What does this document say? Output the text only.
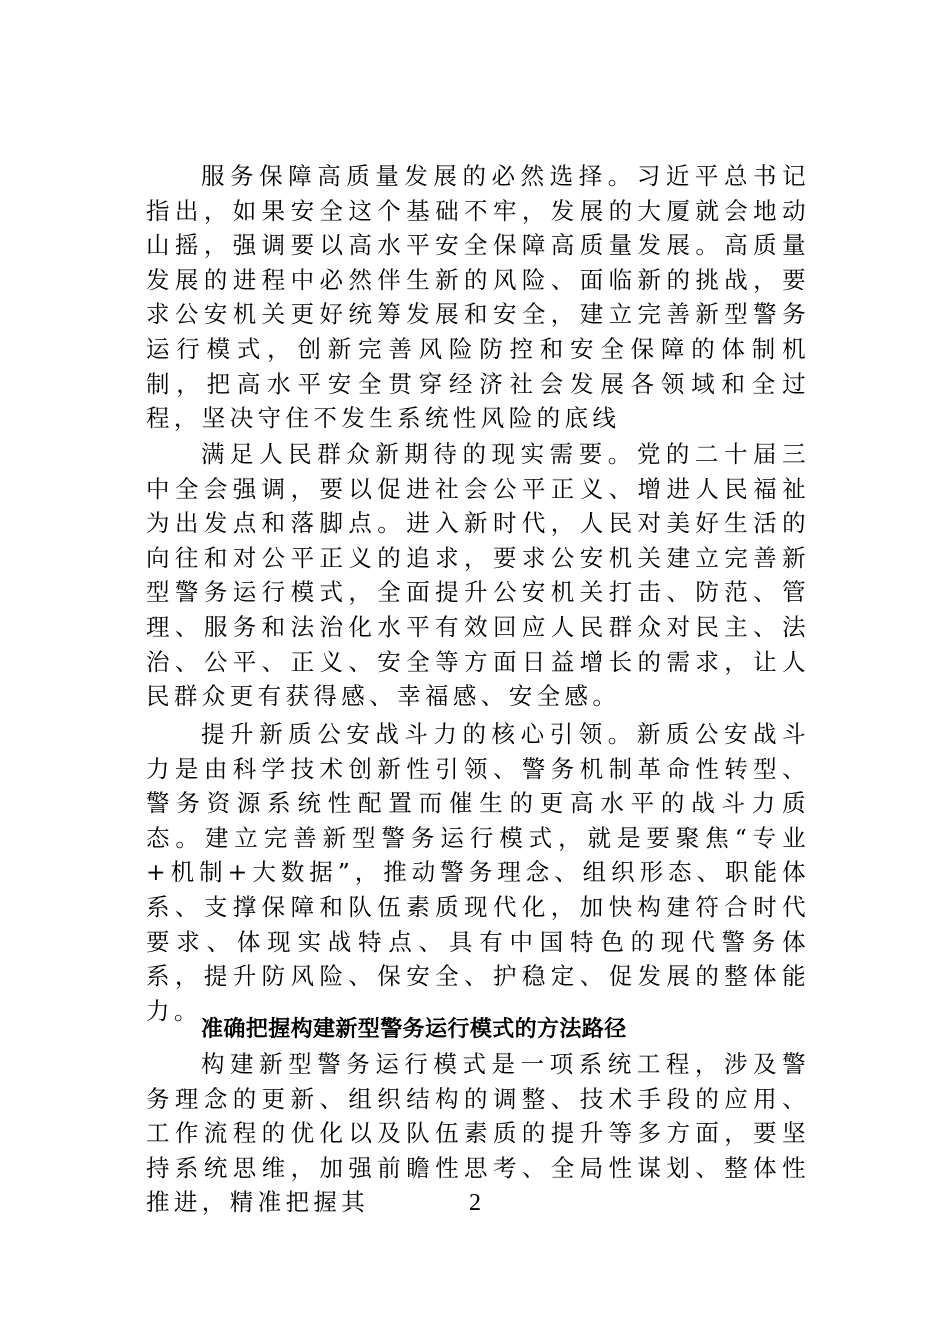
服务保障高质量发展的必然选择。习近平总书记指出，如果安全这个基础不牢，发展的大厦就会地动山摇，强调要以高水平安全保障高质量发展。高质量发展的进程中必然伴生新的风险、面临新的挑战，要求公安机关更好统筹发展和安全，建立完善新型警务运行模式，创新完善风险防控和安全保障的体制机制，把高水平安全贯穿经济社会发展各领域和全过程，坚决守住不发生系统性风险的底线

满足人民群众新期待的现实需要。党的二十届三中全会强调，要以促进社会公平正义、增进人民福祉为出发点和落脚点。进入新时代，人民对美好生活的向往和对公平正义的追求，要求公安机关建立完善新型警务运行模式，全面提升公安机关打击、防范、管理、服务和法治化水平有效回应人民群众对民主、法治、公平、正义、安全等方面日益增长的需求，让人民群众更有获得感、幸福感、安全感。

提升新质公安战斗力的核心引领。新质公安战斗力是由科学技术创新性引领、警务机制革命性转型、警务资源系统性配置而催生的更高水平的战斗力质态。建立完善新型警务运行模式，就是要聚焦“专业+机制+大数据”，推动警务理念、组织形态、职能体系、支撑保障和队伍素质现代化，加快构建符合时代要求、体现实战特点、具有中国特色的现代警务体系，提升防风险、保安全、护稳定、促发展的整体能力。

准确把握构建新型警务运行模式的方法路径

构建新型警务运行模式是一项系统工程，涉及警务理念的更新、组织结构的调整、技术手段的应用、工作流程的优化以及队伍素质的提升等多方面，要坚持系统思维，加强前瞻性思考、全局性谋划、整体性推进，精准把握其	2
